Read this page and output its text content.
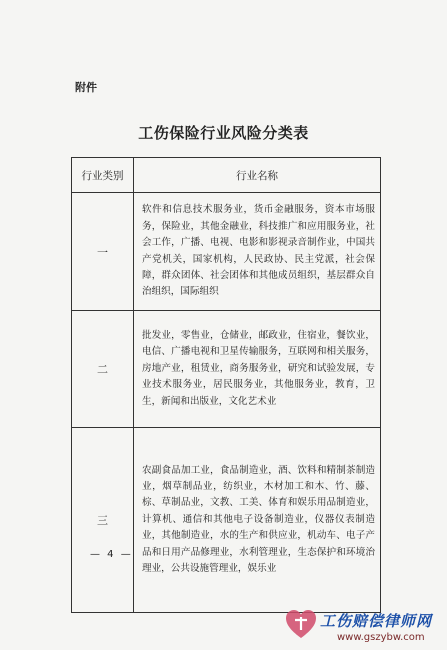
附件
工伤保险行业风险分类表
行业类别	行业名称
一	软件和信息技术服务业，货币金融服务，资本市场服务，保险业，其他金融业，科技推广和应用服务业，社会工作，广播、电视、电影和影视录音制作业，中国共产党机关，国家机构，人民政协、民主党派，社会保障，群众团体、社会团体和其他成员组织，基层群众自治组织，国际组织
二	批发业，零售业，仓储业，邮政业，住宿业，餐饮业，电信、广播电视和卫星传输服务，互联网和相关服务，房地产业，租赁业，商务服务业，研究和试验发展，专业技术服务业，居民服务业，其他服务业，教育，卫生，新闻和出版业，文化艺术业
三	农副食品加工业，食品制造业，酒、饮料和精制茶制造业，烟草制品业，纺织业，木材加工和木、竹、藤、棕、草制品业，文教、工美、体育和娱乐用品制造业，计算机、通信和其他电子设备制造业，仪器仪表制造业，其他制造业，水的生产和供应业，机动车、电子产品和日用产品修理业，水利管理业，生态保护和环境治理业，公共设施管理业，娱乐业
— 4 —
工伤赔偿律师网
www.gszybw.com
